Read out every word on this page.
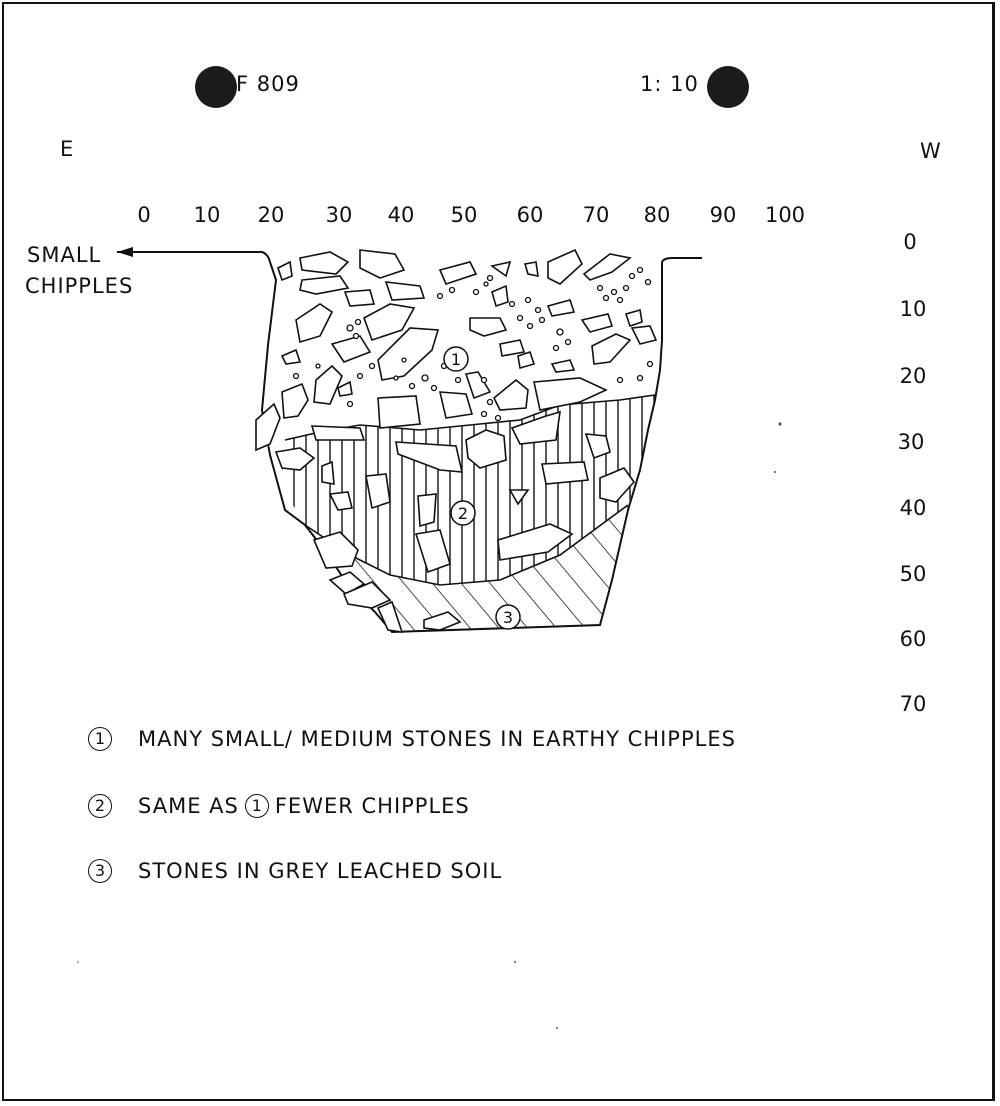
F 809	1: 10
E	W
0 10 20 30 40 50 60 70 80 90 100
0
10
20
30
40
50
60
70
SMALL
CHIPPLES
1
2
3
1	MANY SMALL/ MEDIUM STONES IN EARTHY CHIPPLES
2	SAME AS 1 FEWER CHIPPLES
3	STONES IN GREY LEACHED SOIL
